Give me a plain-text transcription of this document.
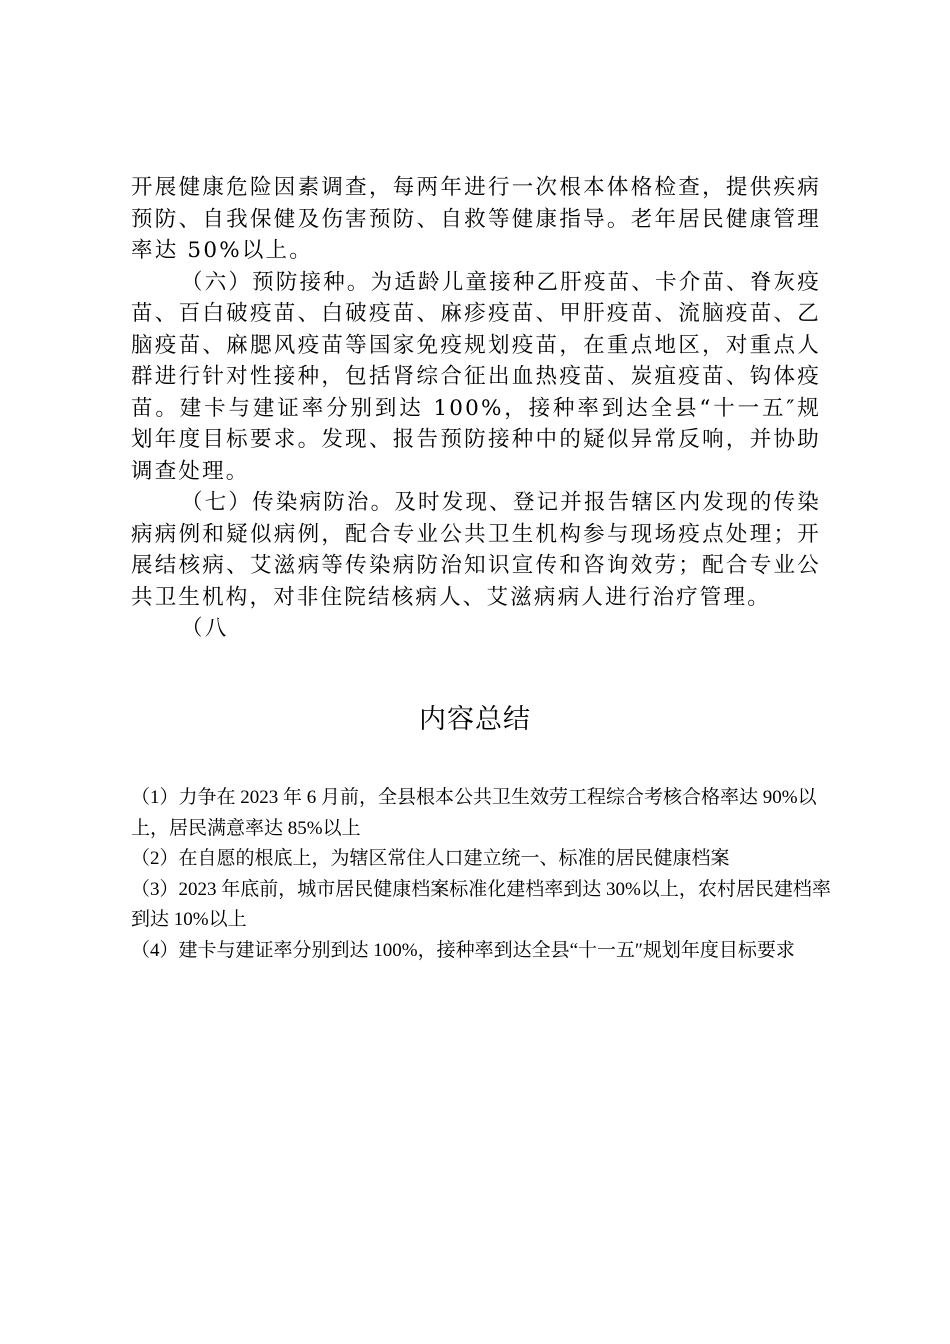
开展健康危险因素调查，每两年进行一次根本体格检查，提供疾病预防、自我保健及伤害预防、自救等健康指导。老年居民健康管理率达 50%以上。

（六）预防接种。为适龄儿童接种乙肝疫苗、卡介苗、脊灰疫苗、百白破疫苗、白破疫苗、麻疹疫苗、甲肝疫苗、流脑疫苗、乙脑疫苗、麻腮风疫苗等国家免疫规划疫苗，在重点地区，对重点人群进行针对性接种，包括肾综合征出血热疫苗、炭疽疫苗、钩体疫苗。建卡与建证率分别到达 100%，接种率到达全县“十一五″规划年度目标要求。发现、报告预防接种中的疑似异常反响，并协助调查处理。

（七）传染病防治。及时发现、登记并报告辖区内发现的传染病病例和疑似病例，配合专业公共卫生机构参与现场疫点处理；开展结核病、艾滋病等传染病防治知识宣传和咨询效劳；配合专业公共卫生机构，对非住院结核病人、艾滋病病人进行治疗管理。

（八

内容总结

（1）力争在 2023 年 6 月前，全县根本公共卫生效劳工程综合考核合格率达 90%以上，居民满意率达 85%以上

（2）在自愿的根底上，为辖区常住人口建立统一、标准的居民健康档案

（3）2023 年底前，城市居民健康档案标准化建档率到达 30%以上，农村居民建档率到达 10%以上

（4）建卡与建证率分别到达 100%，接种率到达全县“十一五″规划年度目标要求
